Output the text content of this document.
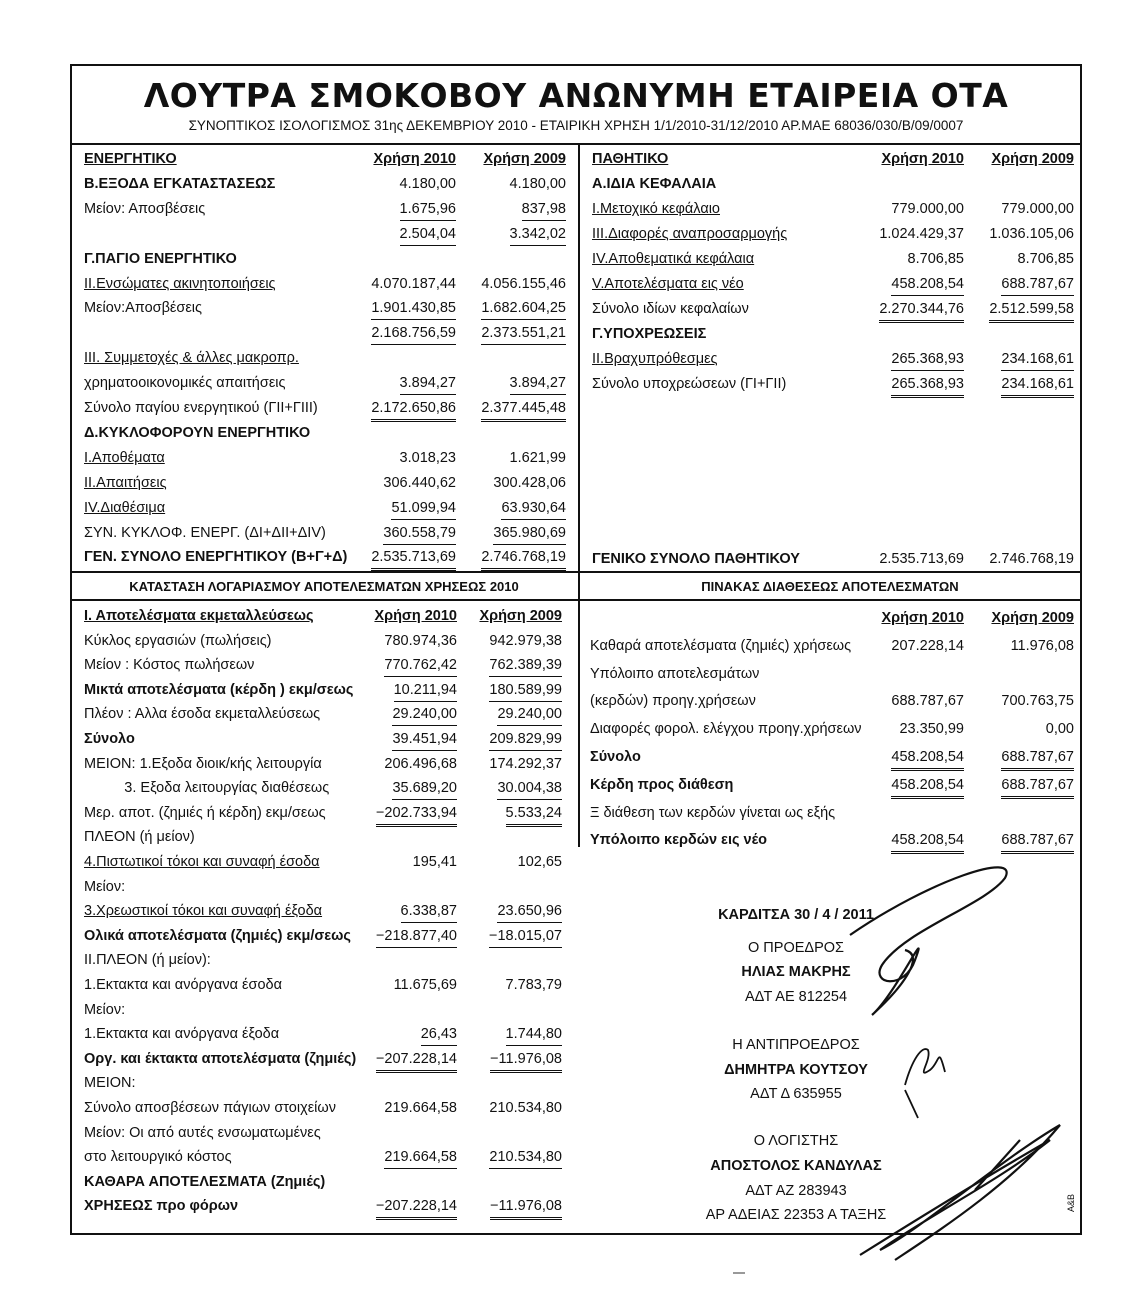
ΛΟΥΤΡΑ ΣΜΟΚΟΒΟΥ ΑΝΩΝΥΜΗ ΕΤΑΙΡΕΙΑ ΟΤΑ
ΣΥΝΟΠΤΙΚΟΣ ΙΣΟΛΟΓΙΣΜΟΣ 31ης ΔΕΚΕΜΒΡΙΟΥ 2010 - ΕΤΑΙΡΙΚΗ ΧΡΗΣΗ 1/1/2010-31/12/2010 ΑΡ.ΜΑΕ 68036/030/Β/09/0007
ΚΑΤΑΣΤΑΣΗ ΛΟΓΑΡΙΑΣΜΟΥ ΑΠΟΤΕΛΕΣΜΑΤΩΝ ΧΡΗΣΕΩΣ 2010	ΠΙΝΑΚΑΣ ΔΙΑΘΕΣΕΩΣ ΑΠΟΤΕΛΕΣΜΑΤΩΝ
ΕΝΕΡΓΗΤΙΚΟ	Χρήση 2010 Χρήση 2009
Β.ΕΞΟΔΑ ΕΓΚΑΤΑΣΤΑΣΕΩΣ	4.180,00	4.180,00
Μείον: Αποσβέσεις	1.675,96	837,98
2.504,04	3.342,02
Γ.ΠΑΓΙΟ ΕΝΕΡΓΗΤΙΚΟ
ΙΙ.Ενσώματες ακινητοποιήσεις	4.070.187,44 4.056.155,46
Μείον:Αποσβέσεις	1.901.430,85 1.682.604,25
2.168.756,59 2.373.551,21
ΙΙΙ. Συμμετοχές & άλλες μακροπρ.
χρηματοοικονομικές απαιτήσεις	3.894,27	3.894,27
Σύνολο παγίου ενεργητικού (ΓΙΙ+ΓΙΙΙ)	2.172.650,86 2.377.445,48
Δ.ΚΥΚΛΟΦΟΡΟΥΝ ΕΝΕΡΓΗΤΙΚΟ
Ι.Αποθέματα	3.018,23	1.621,99
ΙΙ.Απαιτήσεις	306.440,62	300.428,06
ΙV.Διαθέσιμα	51.099,94	63.930,64
ΣΥΝ. ΚΥΚΛΟΦ. ΕΝΕΡΓ. (ΔΙ+ΔΙΙ+ΔΙV)	360.558,79	365.980,69
ΓΕΝ. ΣΥΝΟΛΟ ΕΝΕΡΓΗΤΙΚΟΥ (Β+Γ+Δ) 2.535.713,69 2.746.768,19
ΠΑΘΗΤΙΚΟ	Χρήση 2010 Χρήση 2009
Α.ΙΔΙΑ ΚΕΦΑΛΑΙΑ
Ι.Μετοχικό κεφάλαιο	779.000,00	779.000,00
ΙΙΙ.Διαφορές αναπροσαρμογής	1.024.429,37 1.036.105,06
ΙV.Αποθεματικά κεφάλαια	8.706,85	8.706,85
V.Αποτελέσματα εις νέο	458.208,54	688.787,67
Σύνολο ιδίων κεφαλαίων	2.270.344,76 2.512.599,58
Γ.ΥΠΟΧΡΕΩΣΕΙΣ
ΙΙ.Βραχυπρόθεσμες	265.368,93	234.168,61
Σύνολο υποχρεώσεων (ΓΙ+ΓΙΙ)	265.368,93	234.168,61
ΓΕΝΙΚΟ ΣΥΝΟΛΟ ΠΑΘΗΤΙΚΟΥ	2.535.713,69 2.746.768,19
Ι. Αποτελέσματα εκμεταλλεύσεως	Χρήση 2010 Χρήση 2009
Κύκλος εργασιών (πωλήσεις)	780.974,36 942.979,38
Μείον : Κόστος πωλήσεων	770.762,42 762.389,39
Μικτά αποτελέσματα (κέρδη ) εκμ/σεως	10.211,94 180.589,99
Πλέον : Αλλα έσοδα εκμεταλλεύσεως	29.240,00	29.240,00
Σύνολο	39.451,94 209.829,99
ΜΕΙΟΝ: 1.Εξοδα διοικ/κής λειτουργία	206.496,68 174.292,37
3. Εξοδα λειτουργίας διαθέσεως	35.689,20	30.004,38
Μερ. αποτ. (ζημιές ή κέρδη) εκμ/σεως	−202.733,94	5.533,24
ΠΛΕΟΝ (ή μείον)
4.Πιστωτικοί τόκοι και συναφή έσοδα	195,41	102,65
Μείον:
3.Χρεωστικοί τόκοι και συναφή έξοδα	6.338,87	23.650,96
Ολικά αποτελέσματα (ζημιές) εκμ/σεως −218.877,40 −18.015,07
ΙΙ.ΠΛΕΟΝ (ή μείον):
1.Εκτακτα και ανόργανα έσοδα	11.675,69	7.783,79
Μείον:
1.Εκτακτα και ανόργανα έξοδα	26,43	1.744,80
Οργ. και έκτακτα αποτελέσματα (ζημιές) −207.228,14 −11.976,08
ΜΕΙΟΝ:
Σύνολο αποσβέσεων πάγιων στοιχείων	219.664,58 210.534,80
Μείον: Οι από αυτές ενσωματωμένες
στο λειτουργικό κόστος	219.664,58 210.534,80
ΚΑΘΑΡΑ ΑΠΟΤΕΛΕΣΜΑΤΑ (Ζημιές)
ΧΡΗΣΕΩΣ προ φόρων	−207.228,14 −11.976,08
Χρήση 2010 Χρήση 2009
Καθαρά αποτελέσματα (ζημιές) χρήσεως	207.228,14	11.976,08
Υπόλοιπο αποτελεσμάτων
(κερδών) προηγ.χρήσεων	688.787,67	700.763,75
Διαφορές φορολ. ελέγχου προηγ.χρήσεων	23.350,99	0,00
Σύνολο	458.208,54	688.787,67
Κέρδη προς διάθεση	458.208,54	688.787,67
Ξ διάθεση των κερδών γίνεται ως εξής
Υπόλοιπο κερδών εις νέο	458.208,54	688.787,67
ΚΑΡΔΙΤΣΑ 30 / 4 / 2011
Ο ΠΡΟΕΔΡΟΣ
ΗΛΙΑΣ ΜΑΚΡΗΣ
ΑΔΤ ΑΕ 812254
Η ΑΝΤΙΠΡΟΕΔΡΟΣ
ΔΗΜΗΤΡΑ ΚΟΥΤΣΟΥ
ΑΔΤ Δ 635955
Ο ΛΟΓΙΣΤΗΣ
ΑΠΟΣΤΟΛΟΣ ΚΑΝΔΥΛΑΣ
ΑΔΤ ΑΖ 283943
ΑΡ ΑΔΕΙΑΣ 22353 Α ΤΑΞΗΣ
A&B
